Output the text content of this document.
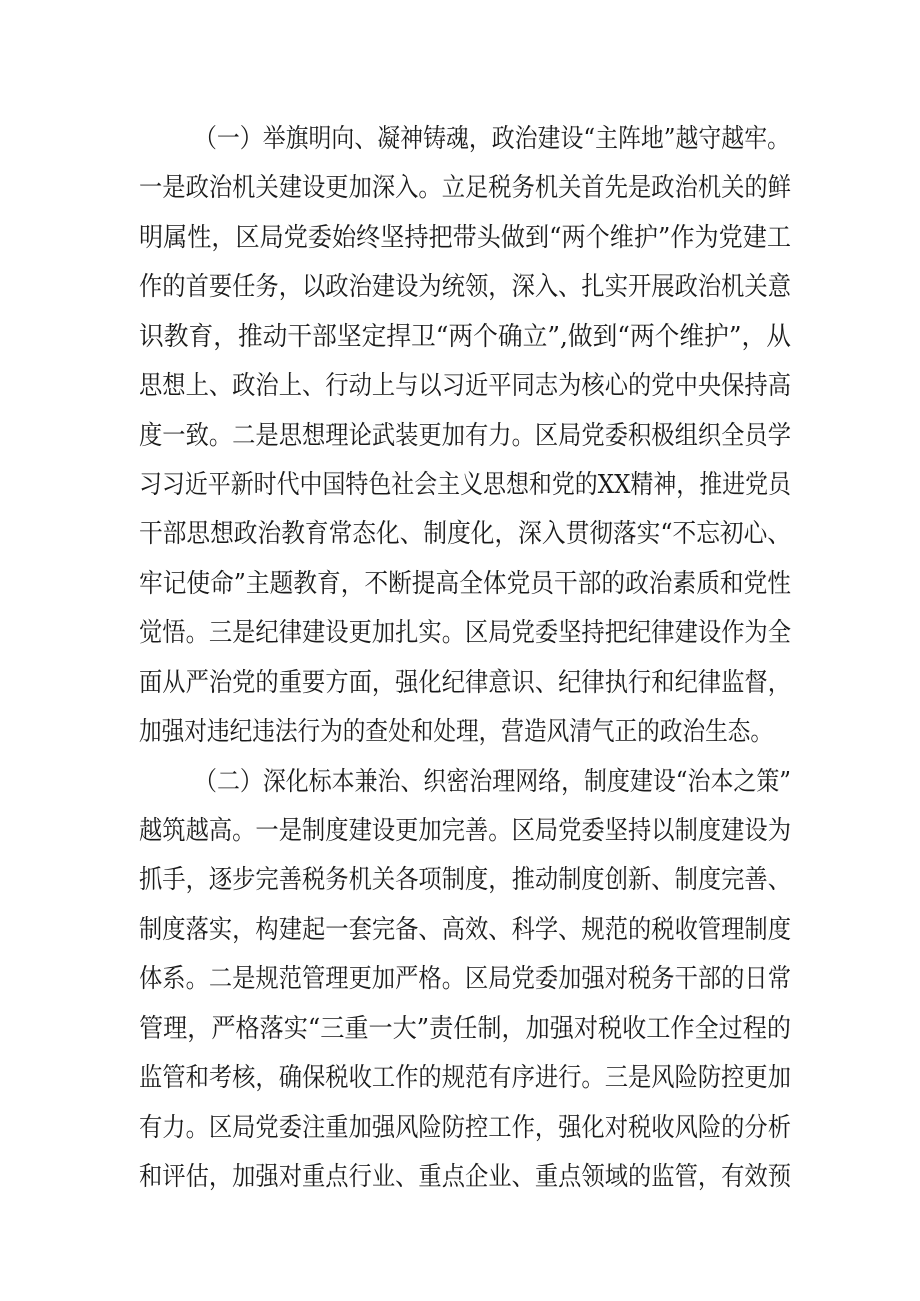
（一）举旗明向、凝神铸魂，政治建设“主阵地”越守越牢。
一是政治机关建设更加深入。立足税务机关首先是政治机关的鲜
明属性，区局党委始终坚持把带头做到“两个维护”作为党建工
作的首要任务，以政治建设为统领，深入、扎实开展政治机关意
识教育，推动干部坚定捍卫“两个确立”,做到“两个维护”，从
思想上、政治上、行动上与以习近平同志为核心的党中央保持高
度一致。二是思想理论武装更加有力。区局党委积极组织全员学
习习近平新时代中国特色社会主义思想和党的XX精神，推进党员
干部思想政治教育常态化、制度化，深入贯彻落实“不忘初心、
牢记使命”主题教育，不断提高全体党员干部的政治素质和党性
觉悟。三是纪律建设更加扎实。区局党委坚持把纪律建设作为全
面从严治党的重要方面，强化纪律意识、纪律执行和纪律监督，
加强对违纪违法行为的查处和处理，营造风清气正的政治生态。
（二）深化标本兼治、织密治理网络，制度建设“治本之策”
越筑越高。一是制度建设更加完善。区局党委坚持以制度建设为
抓手，逐步完善税务机关各项制度，推动制度创新、制度完善、
制度落实，构建起一套完备、高效、科学、规范的税收管理制度
体系。二是规范管理更加严格。区局党委加强对税务干部的日常
管理，严格落实“三重一大”责任制，加强对税收工作全过程的
监管和考核，确保税收工作的规范有序进行。三是风险防控更加
有力。区局党委注重加强风险防控工作，强化对税收风险的分析
和评估，加强对重点行业、重点企业、重点领域的监管，有效预
